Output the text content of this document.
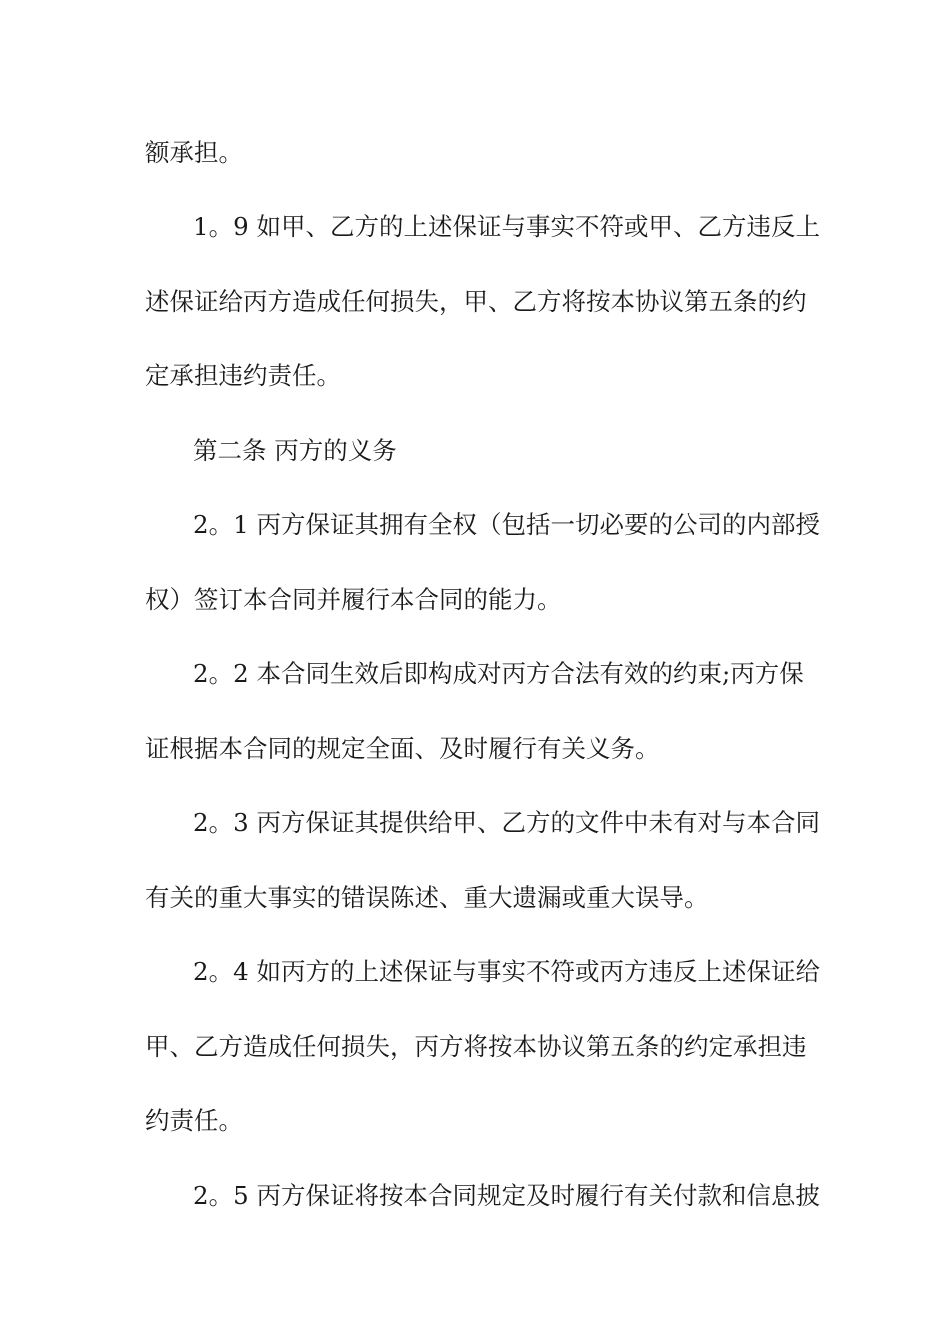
额承担。
1。9 如甲、乙方的上述保证与事实不符或甲、乙方违反上
述保证给丙方造成任何损失，甲、乙方将按本协议第五条的约
定承担违约责任。
第二条 丙方的义务
2。1 丙方保证其拥有全权（包括一切必要的公司的内部授
权）签订本合同并履行本合同的能力。
2。2 本合同生效后即构成对丙方合法有效的约束;丙方保
证根据本合同的规定全面、及时履行有关义务。
2。3 丙方保证其提供给甲、乙方的文件中未有对与本合同
有关的重大事实的错误陈述、重大遗漏或重大误导。
2。4 如丙方的上述保证与事实不符或丙方违反上述保证给
甲、乙方造成任何损失，丙方将按本协议第五条的约定承担违
约责任。
2。5 丙方保证将按本合同规定及时履行有关付款和信息披
